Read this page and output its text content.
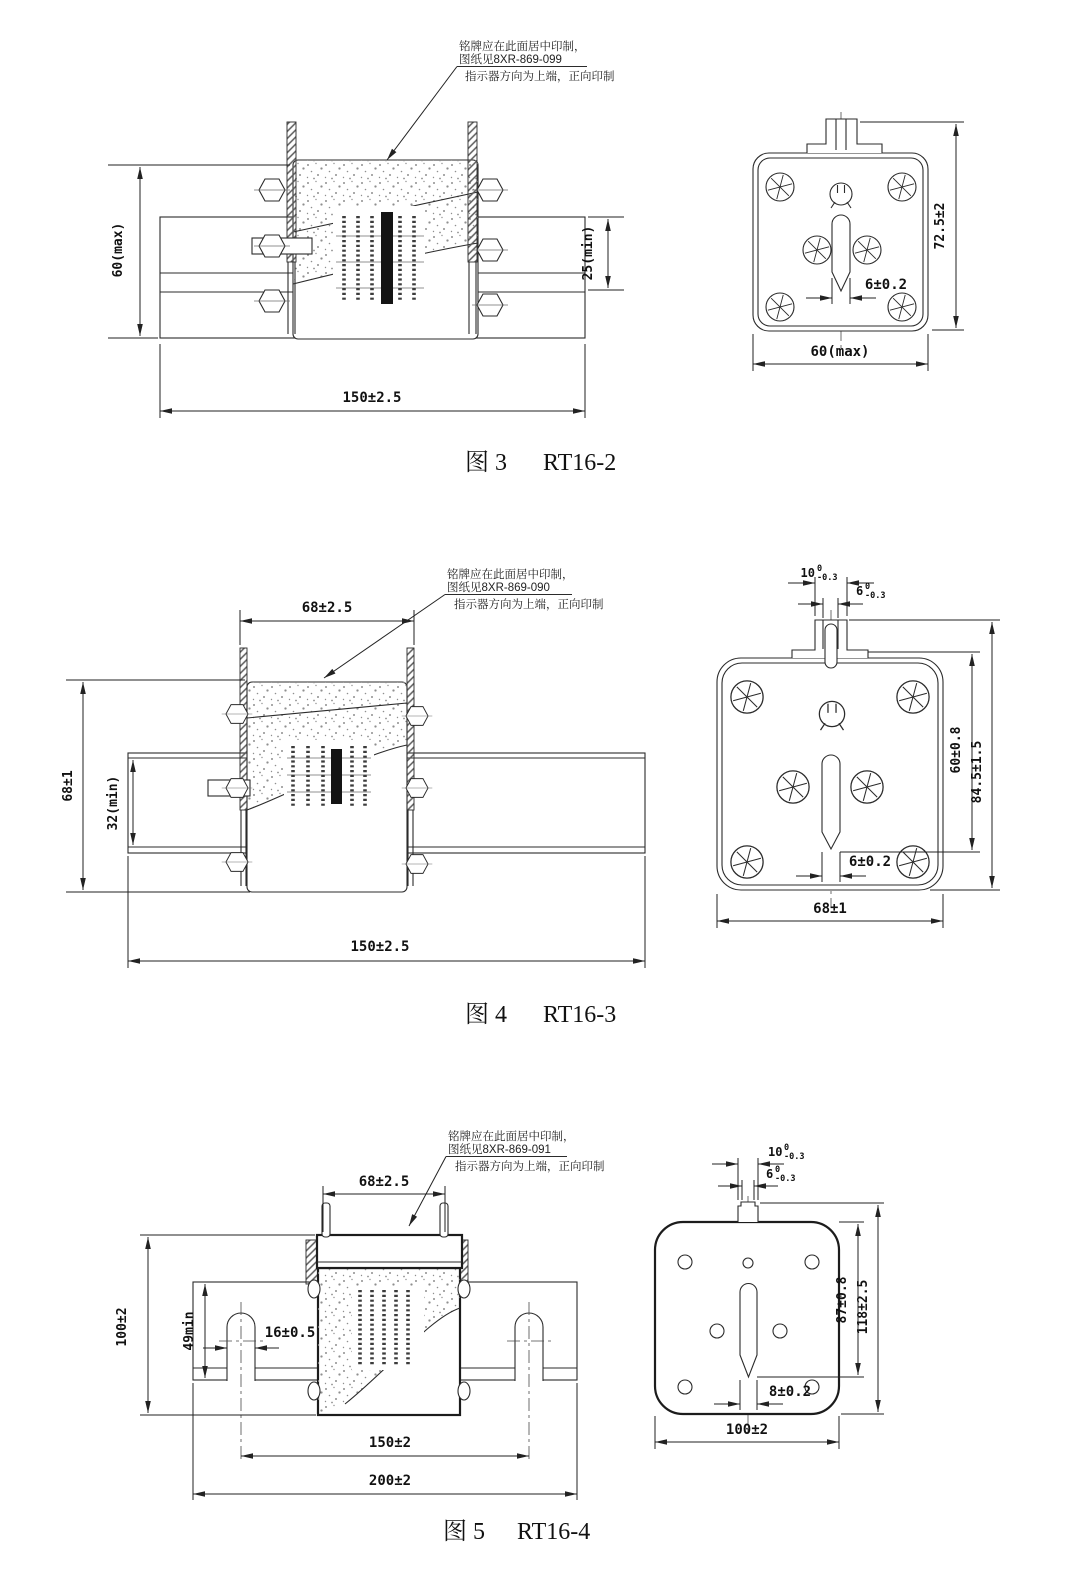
60(max)	25(min)
150±2.5
72.5±2
6±0.2
60(max)
铭牌应在此面居中印制，
图纸见8XR-869-099
指示器方向为上端，正向印制
图 3 RT16-2
68±2.5
68±1 32(min)
150±2.5
10 0
-0.3
6 0
-0.3
60±0.8 84.5±1.5
6±0.2
68±1
铭牌应在此面居中印制，
图纸见8XR-869-090
指示器方向为上端，正向印制
图 4 RT16-3
68±2.5
100±2	49min	16±0.5
150±2
200±2
10 0
-0.3
6 0
-0.3
118±2.5
87±0.8
8±0.2
100±2
铭牌应在此面居中印制，
图纸见8XR-869-091
指示器方向为上端，正向印制
图 5 RT16-4
